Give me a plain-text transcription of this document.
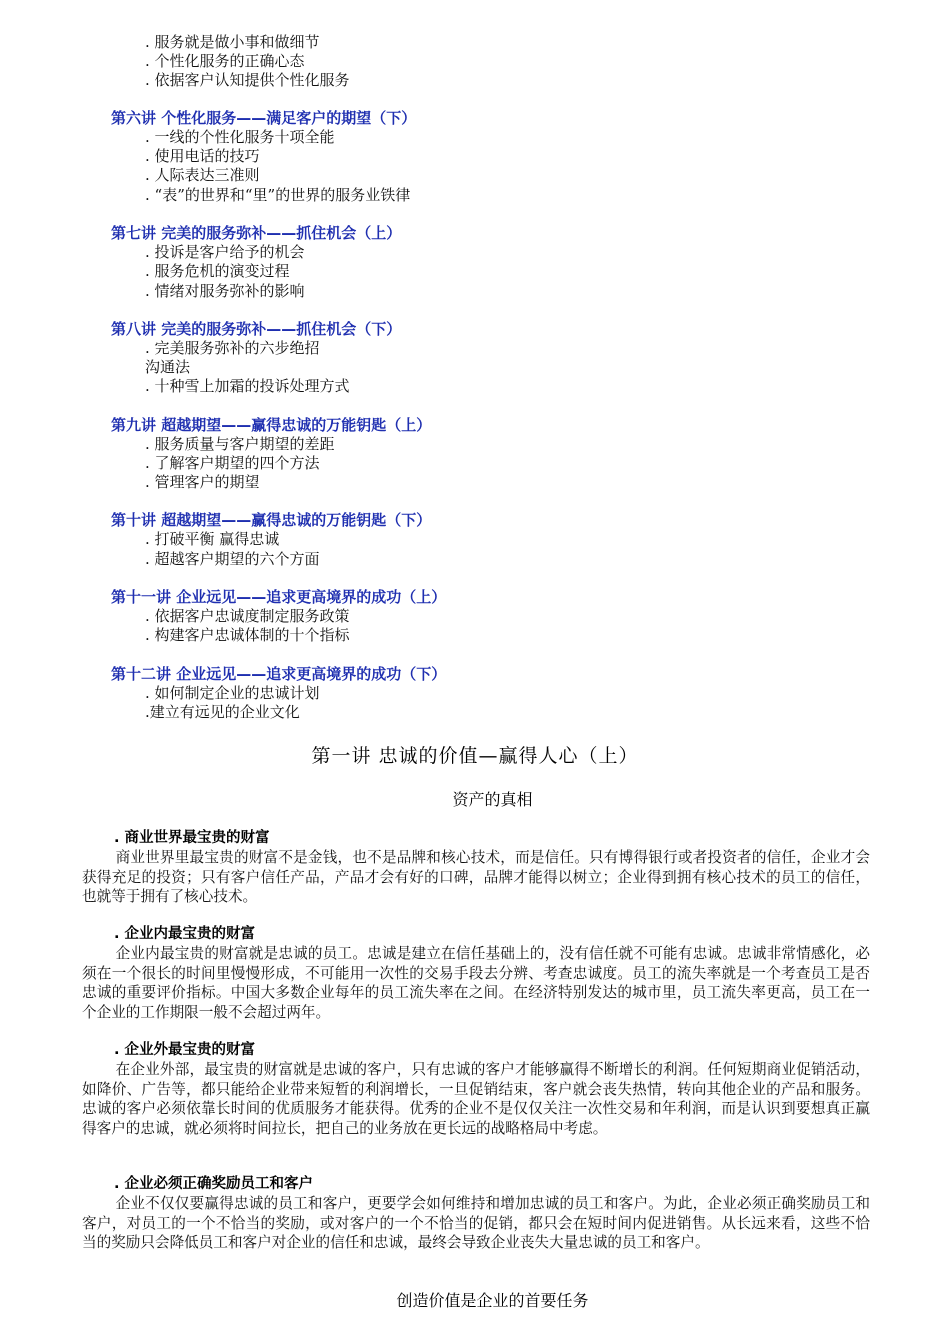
. 服务就是做小事和做细节
. 个性化服务的正确心态
. 依据客户认知提供个性化服务
第六讲 个性化服务——满足客户的期望（下）
. 一线的个性化服务十项全能
. 使用电话的技巧
. 人际表达三准则
. “表”的世界和“里”的世界的服务业铁律
第七讲 完美的服务弥补——抓住机会（上）
. 投诉是客户给予的机会
. 服务危机的演变过程
. 情绪对服务弥补的影响
第八讲 完美的服务弥补——抓住机会（下）
. 完美服务弥补的六步绝招
沟通法
. 十种雪上加霜的投诉处理方式
第九讲 超越期望——赢得忠诚的万能钥匙（上）
. 服务质量与客户期望的差距
. 了解客户期望的四个方法
. 管理客户的期望
第十讲 超越期望——赢得忠诚的万能钥匙（下）
. 打破平衡 赢得忠诚
. 超越客户期望的六个方面
第十一讲 企业远见——追求更高境界的成功（上）
. 依据客户忠诚度制定服务政策
. 构建客户忠诚体制的十个指标
第十二讲 企业远见——追求更高境界的成功（下）
. 如何制定企业的忠诚计划
.建立有远见的企业文化
第一讲 忠诚的价值—赢得人心（上）
资产的真相
. 商业世界最宝贵的财富
商业世界里最宝贵的财富不是金钱，也不是品牌和核心技术，而是信任。只有博得银行或者投资者的信任，企业才会获得充足的投资；只有客户信任产品，产品才会有好的口碑，品牌才能得以树立；企业得到拥有核心技术的员工的信任，也就等于拥有了核心技术。
. 企业内最宝贵的财富
企业内最宝贵的财富就是忠诚的员工。忠诚是建立在信任基础上的，没有信任就不可能有忠诚。忠诚非常情感化，必须在一个很长的时间里慢慢形成，不可能用一次性的交易手段去分辨、考查忠诚度。员工的流失率就是一个考查员工是否忠诚的重要评价指标。中国大多数企业每年的员工流失率在之间。在经济特别发达的城市里，员工流失率更高，员工在一个企业的工作期限一般不会超过两年。
. 企业外最宝贵的财富
在企业外部，最宝贵的财富就是忠诚的客户，只有忠诚的客户才能够赢得不断增长的利润。任何短期商业促销活动，如降价、广告等，都只能给企业带来短暂的利润增长，一旦促销结束，客户就会丧失热情，转向其他企业的产品和服务。忠诚的客户必须依靠长时间的优质服务才能获得。优秀的企业不是仅仅关注一次性交易和年利润，而是认识到要想真正赢得客户的忠诚，就必须将时间拉长，把自己的业务放在更长远的战略格局中考虑。
. 企业必须正确奖励员工和客户
企业不仅仅要赢得忠诚的员工和客户，更要学会如何维持和增加忠诚的员工和客户。为此，企业必须正确奖励员工和客户，对员工的一个不恰当的奖励，或对客户的一个不恰当的促销，都只会在短时间内促进销售。从长远来看，这些不恰当的奖励只会降低员工和客户对企业的信任和忠诚，最终会导致企业丧失大量忠诚的员工和客户。
创造价值是企业的首要任务
